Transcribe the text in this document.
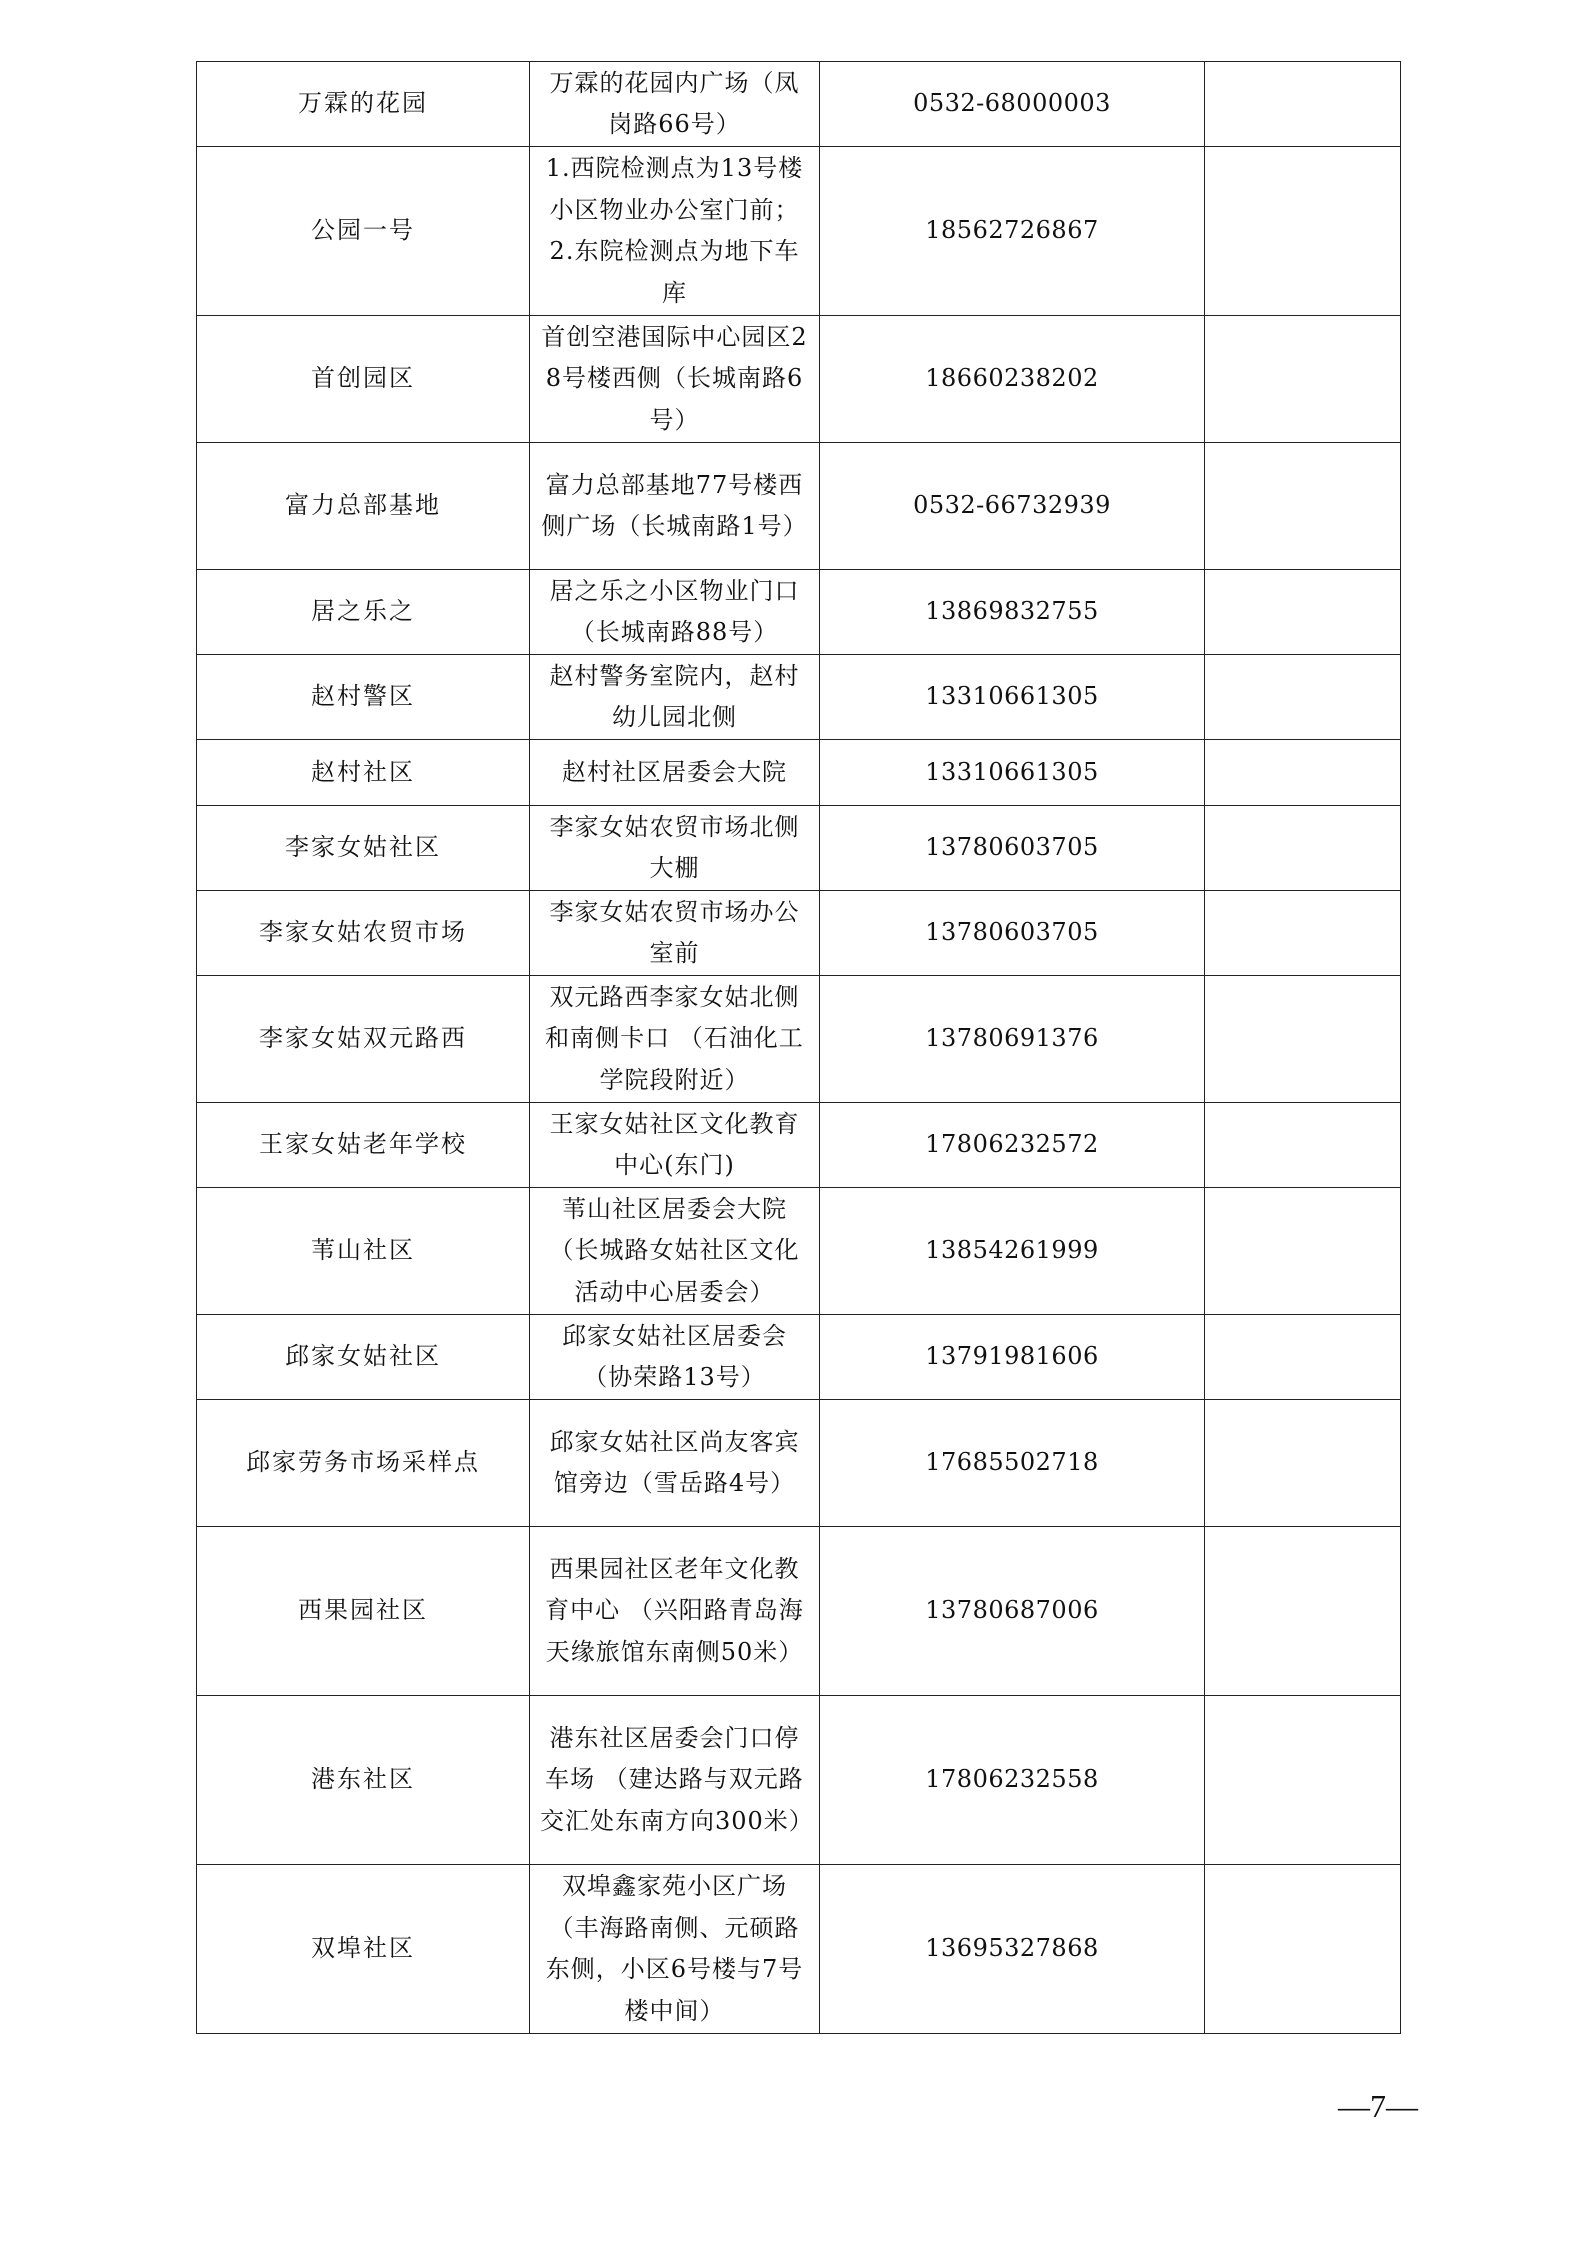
万霖的花园	万霖的花园内广场（凤岗路66号）	0532-68000003	
公园一号	1.西院检测点为13号楼小区物业办公室门前；2.东院检测点为地下车库	18562726867	
首创园区	首创空港国际中心园区28号楼西侧（长城南路6号）	18660238202	
富力总部基地	富力总部基地77号楼西侧广场（长城南路1号）	0532-66732939	
居之乐之	居之乐之小区物业门口（长城南路88号）	13869832755	
赵村警区	赵村警务室院内，赵村幼儿园北侧	13310661305	
赵村社区	赵村社区居委会大院	13310661305	
李家女姑社区	李家女姑农贸市场北侧大棚	13780603705	
李家女姑农贸市场	李家女姑农贸市场办公室前	13780603705	
李家女姑双元路西	双元路西李家女姑北侧和南侧卡口 （石油化工学院段附近）	13780691376	
王家女姑老年学校	王家女姑社区文化教育中心(东门)	17806232572	
苇山社区	苇山社区居委会大院（长城路女姑社区文化活动中心居委会）	13854261999	
邱家女姑社区	邱家女姑社区居委会（协荣路13号）	13791981606	
邱家劳务市场采样点	邱家女姑社区尚友客宾馆旁边（雪岳路4号）	17685502718	
西果园社区	西果园社区老年文化教育中心 （兴阳路青岛海天缘旅馆东南侧50米）	13780687006	
港东社区	港东社区居委会门口停车场 （建达路与双元路交汇处东南方向300米）	17806232558	
双埠社区	双埠鑫家苑小区广场（丰海路南侧、元硕路东侧，小区6号楼与7号楼中间）	13695327868	
—7—
